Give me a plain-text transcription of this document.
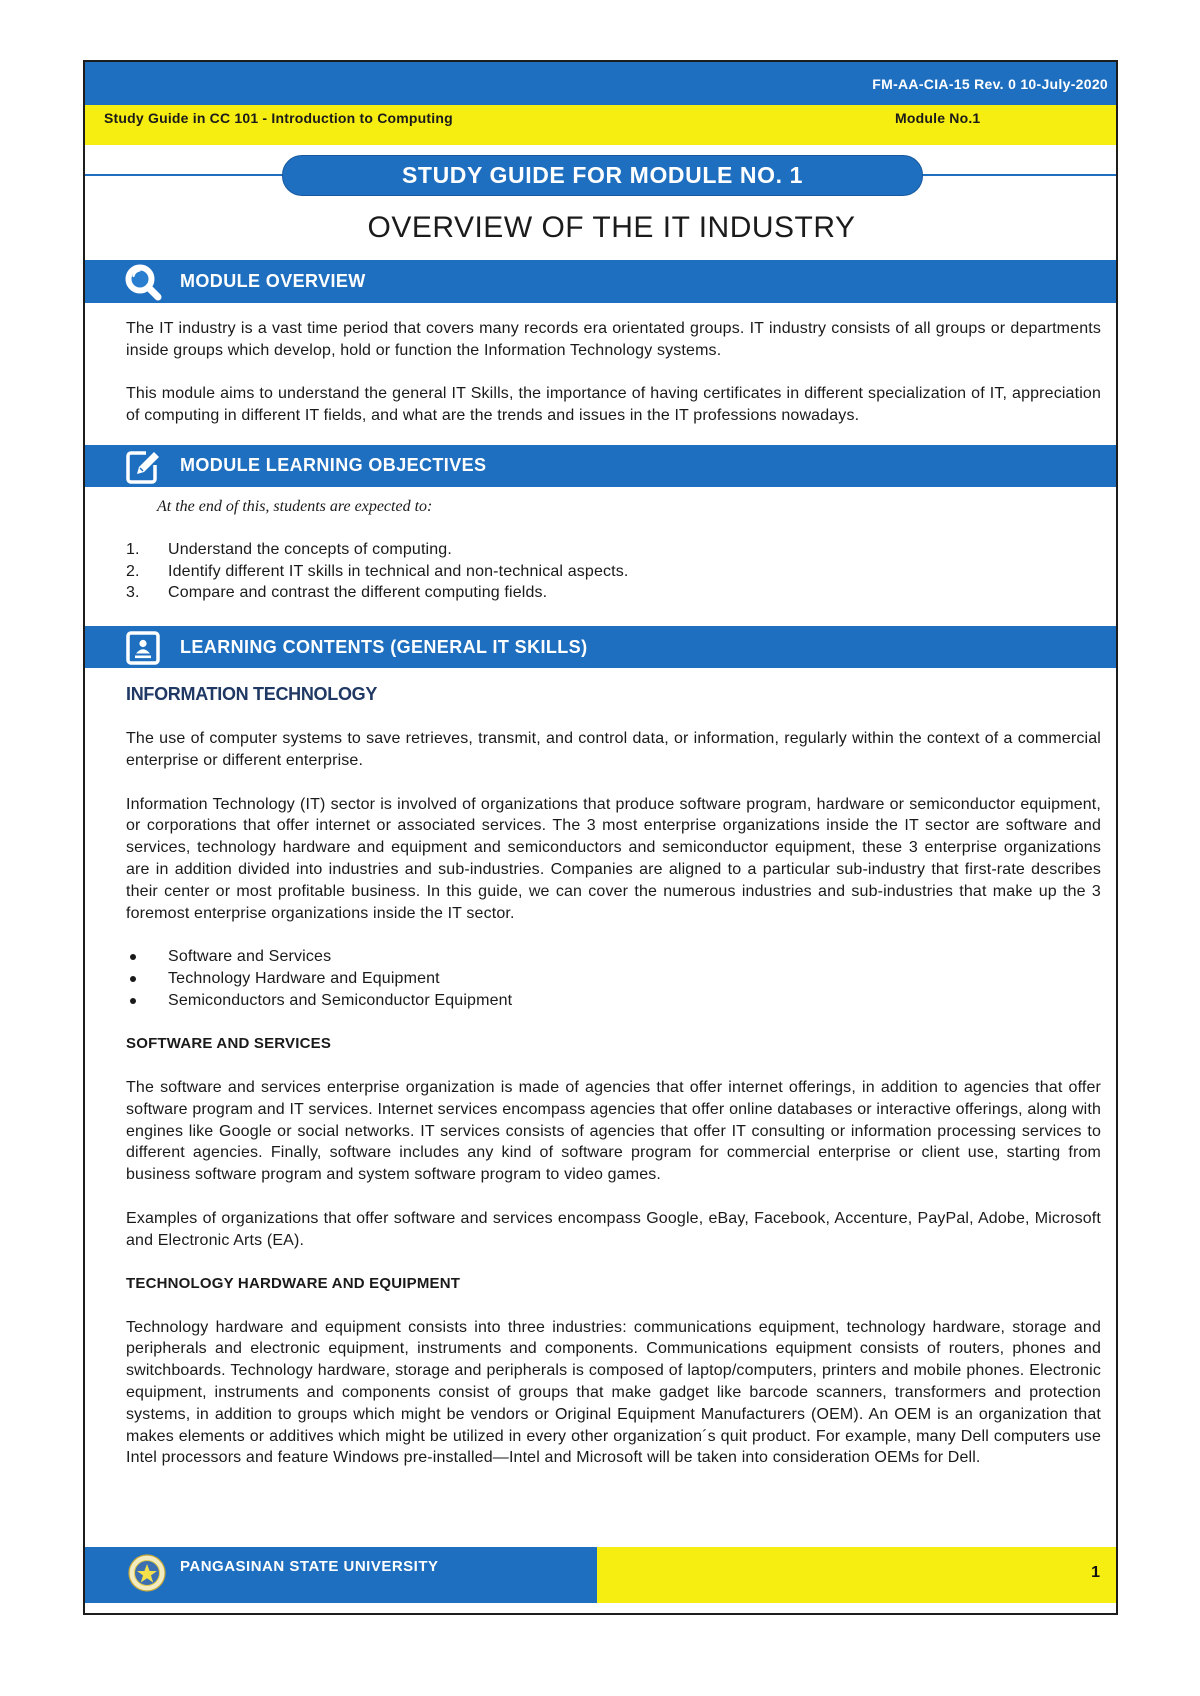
FM-AA-CIA-15 Rev. 0 10-July-2020
Study Guide in CC 101 - Introduction to Computing	Module No.1
STUDY GUIDE FOR MODULE NO. 1
OVERVIEW OF THE IT INDUSTRY
MODULE OVERVIEW

The IT industry is a vast time period that covers many records era orientated groups. IT industry consists of all groups or departments inside groups which develop, hold or function the Information Technology systems.

This module aims to understand the general IT Skills, the importance of having certificates in different specialization of IT, appreciation of computing in different IT fields, and what are the trends and issues in the IT professions nowadays.

MODULE LEARNING OBJECTIVES
At the end of this, students are expected to:
1.	Understand the concepts of computing.
2.	Identify different IT skills in technical and non-technical aspects.
3.	Compare and contrast the different computing fields.
LEARNING CONTENTS (GENERAL IT SKILLS)
INFORMATION TECHNOLOGY

The use of computer systems to save retrieves, transmit, and control data, or information, regularly within the context of a commercial enterprise or different enterprise.

Information Technology (IT) sector is involved of organizations that produce software program, hardware or semiconductor equipment, or corporations that offer internet or associated services. The 3 most enterprise organizations inside the IT sector are software and services, technology hardware and equipment and semiconductors and semiconductor equipment, these 3 enterprise organizations are in addition divided into industries and sub-industries. Companies are aligned to a particular sub-industry that first-rate describes their center or most profitable business. In this guide, we can cover the numerous industries and sub-industries that make up the 3 foremost enterprise organizations inside the IT sector.

Software and Services
Technology Hardware and Equipment
Semiconductors and Semiconductor Equipment
SOFTWARE AND SERVICES

The software and services enterprise organization is made of agencies that offer internet offerings, in addition to agencies that offer software program and IT services. Internet services encompass agencies that offer online databases or interactive offerings, along with engines like Google or social networks. IT services consists of agencies that offer IT consulting or information processing services to different agencies. Finally, software includes any kind of software program for commercial enterprise or client use, starting from business software program and system software program to video games.

Examples of organizations that offer software and services encompass Google, eBay, Facebook, Accenture, PayPal, Adobe, Microsoft and Electronic Arts (EA).

TECHNOLOGY HARDWARE AND EQUIPMENT

Technology hardware and equipment consists into three industries: communications equipment, technology hardware, storage and peripherals and electronic equipment, instruments and components. Communications equipment consists of routers, phones and switchboards. Technology hardware, storage and peripherals is composed of laptop/computers, printers and mobile phones. Electronic equipment, instruments and components consist of groups that make gadget like barcode scanners, transformers and protection systems, in addition to groups which might be vendors or Original Equipment Manufacturers (OEM). An OEM is an organization that makes elements or additives which might be utilized in every other organization´s quit product. For example, many Dell computers use Intel processors and feature Windows pre-installed—Intel and Microsoft will be taken into consideration OEMs for Dell.

PANGASINAN STATE UNIVERSITY	1
